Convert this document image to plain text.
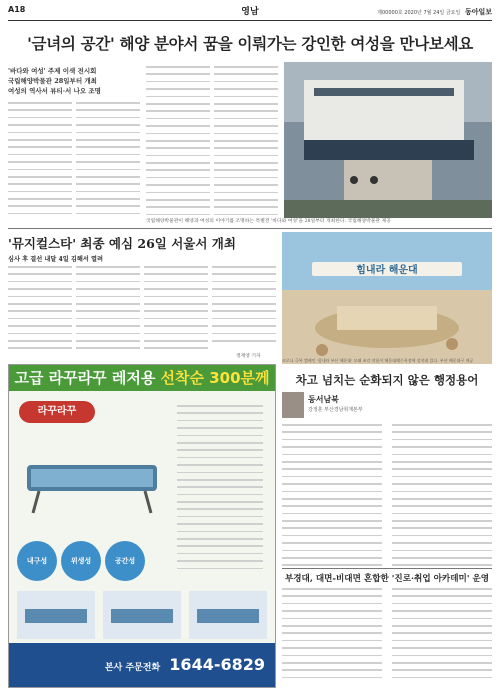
A18	영남	제00000호 2020년 7월 24일 금요일 동아일보
'금녀의 공간' 해양 분야서 꿈을 이뤄가는 강인한 여성을 만나보세요
'바다와 여성' 주제 이색 전시회
국립해양박물관 28일부터 개최
여성의 역사서 뷰티·서 나오 조명
국립해양박물관이 해양과 여성의 이야기를 조명하는 특별전 '바다와 여성'을 28일부터 개최한다. 국립해양박물관 제공
'뮤지컬스타' 최종 예심 26일 서울서 개최
심사 후 결선 내달 4일 김해서 열려
정재영 기자
힘내라 해운대
코로나 극복 캠페인 '힘내라 부산 해운대' 모래 조각 작품이 해운대해수욕장에 설치돼 있다. 부산 해운대구 제공
고급 라꾸라꾸 레저용 선착순 300분께
라꾸라꾸
내구성	위생성	공간성
본사 주문전화 1644-6829
차고 넘치는 순화되지 않은 행정용어
동서남북
강정훈 부산경남취재본부
부경대, 대면-비대면 혼합한 '진로·취업 아카데미' 운영
